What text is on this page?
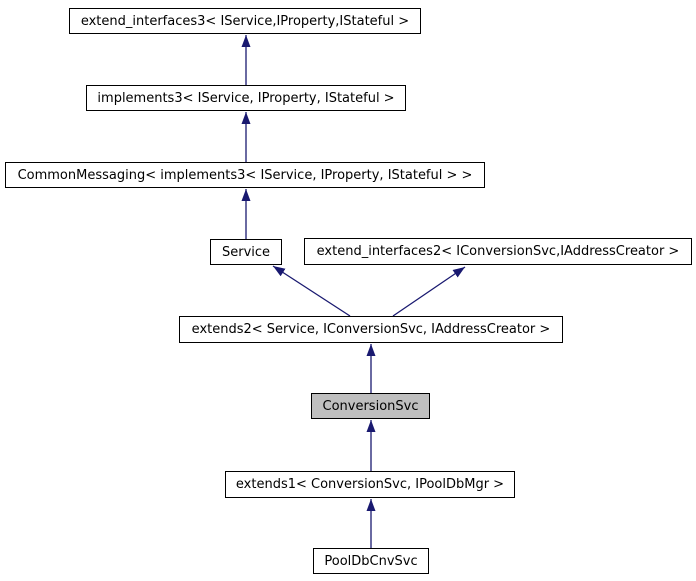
extend_interfaces3< IService,IProperty,IStateful >
implements3< IService, IProperty, IStateful >
CommonMessaging< implements3< IService, IProperty, IStateful > >
Service	extend_interfaces2< IConversionSvc,IAddressCreator >
extends2< Service, IConversionSvc, IAddressCreator >
ConversionSvc
extends1< ConversionSvc, IPoolDbMgr >
PoolDbCnvSvc
